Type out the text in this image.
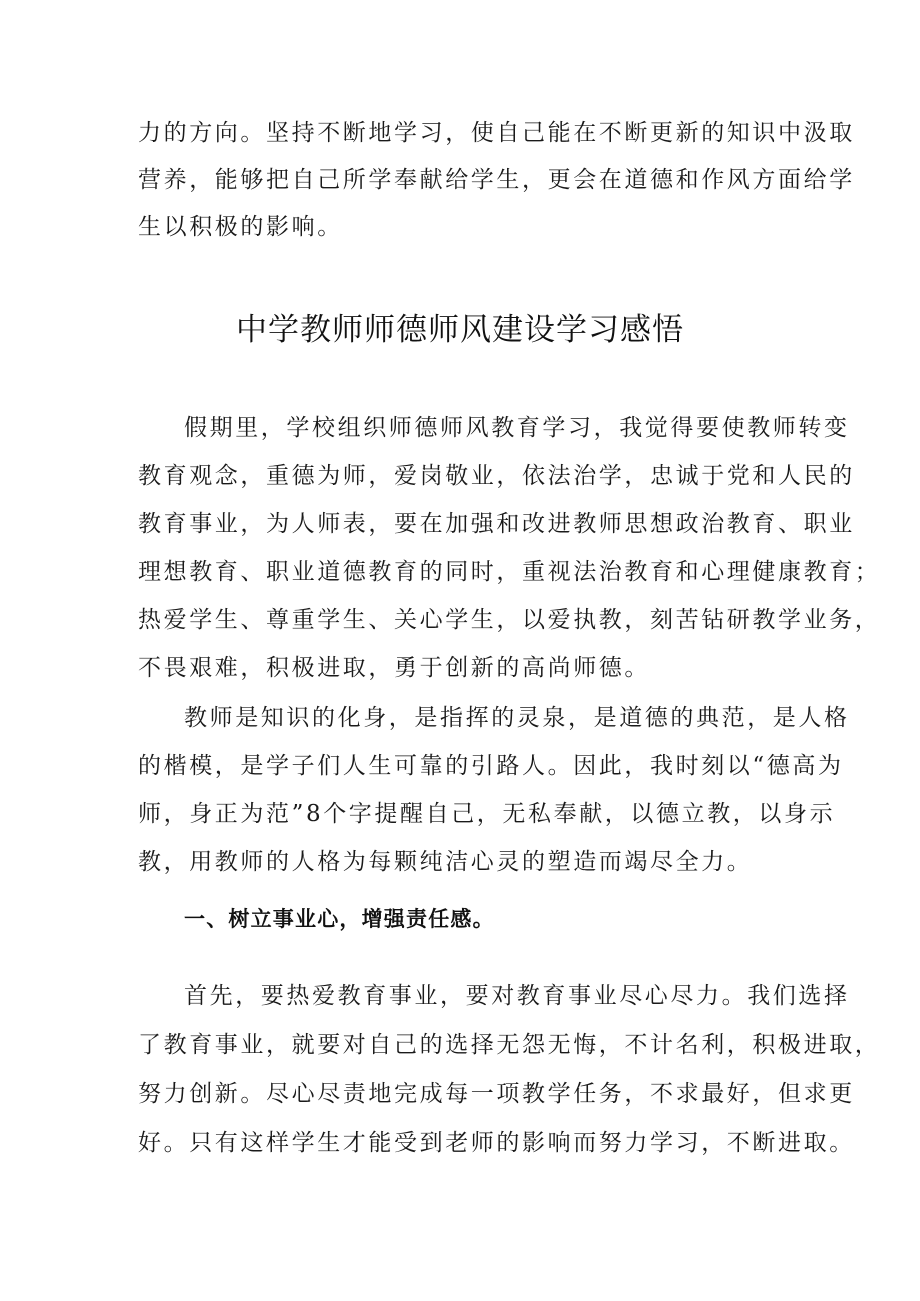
力的方向。坚持不断地学习，使自己能在不断更新的知识中汲取
营养，能够把自己所学奉献给学生，更会在道德和作风方面给学
生以积极的影响。
中学教师师德师风建设学习感悟
假期里，学校组织师德师风教育学习，我觉得要使教师转变
教育观念，重德为师，爱岗敬业，依法治学，忠诚于党和人民的
教育事业，为人师表，要在加强和改进教师思想政治教育、职业
理想教育、职业道德教育的同时，重视法治教育和心理健康教育；
热爱学生、尊重学生、关心学生，以爱执教，刻苦钻研教学业务，
不畏艰难，积极进取，勇于创新的高尚师德。
教师是知识的化身，是指挥的灵泉，是道德的典范，是人格
的楷模，是学子们人生可靠的引路人。因此，我时刻以“德高为
师，身正为范”8个字提醒自己，无私奉献，以德立教，以身示
教，用教师的人格为每颗纯洁心灵的塑造而竭尽全力。
一、树立事业心，增强责任感。
首先，要热爱教育事业，要对教育事业尽心尽力。我们选择
了教育事业，就要对自己的选择无怨无悔，不计名利，积极进取，
努力创新。尽心尽责地完成每一项教学任务，不求最好，但求更
好。只有这样学生才能受到老师的影响而努力学习，不断进取。
